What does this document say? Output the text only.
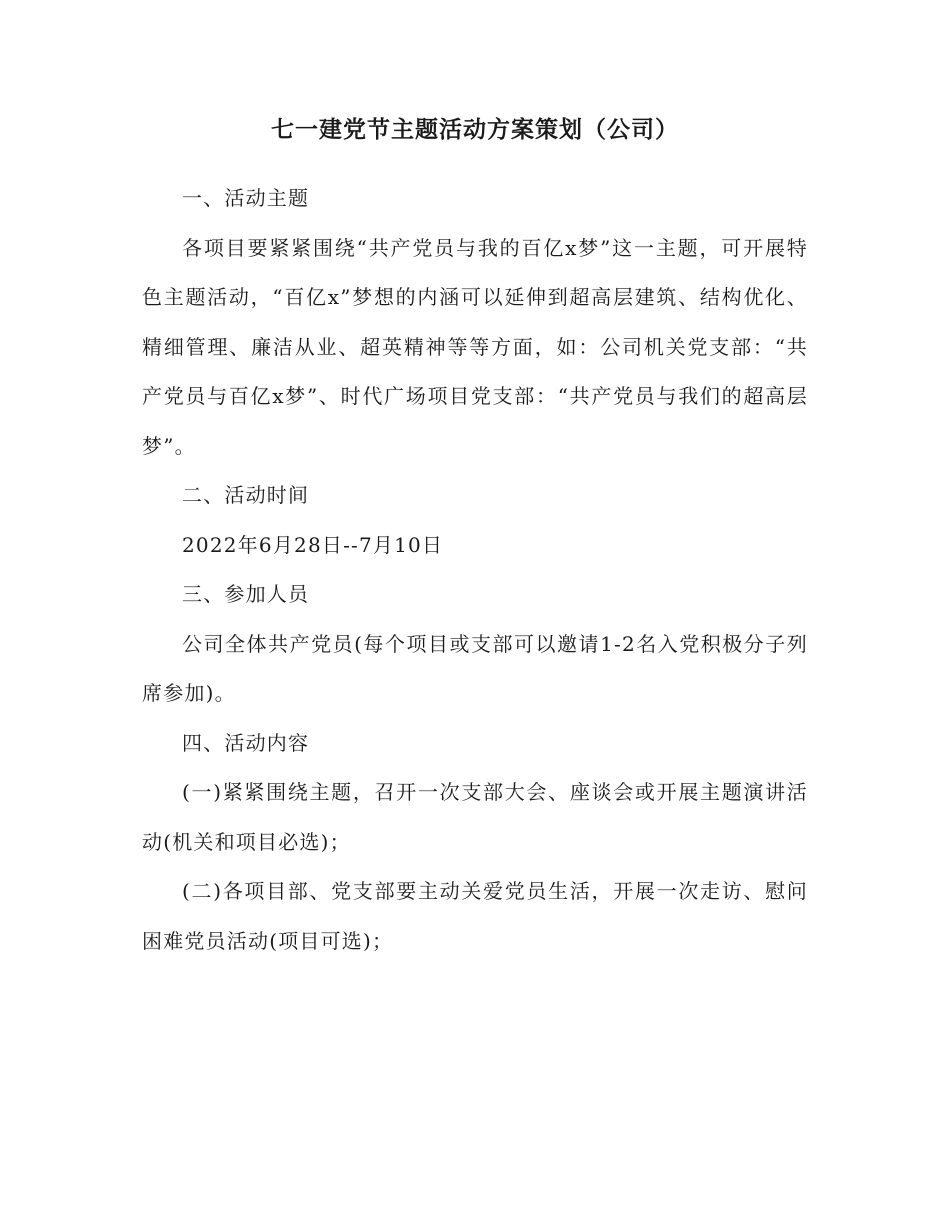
七一建党节主题活动方案策划（公司）

一、活动主题

各项目要紧紧围绕“共产党员与我的百亿x梦”这一主题，可开展特色主题活动，“百亿x”梦想的内涵可以延伸到超高层建筑、结构优化、精细管理、廉洁从业、超英精神等等方面，如：公司机关党支部：“共产党员与百亿x梦”、时代广场项目党支部：“共产党员与我们的超高层梦”。

二、活动时间

2022年6月28日--7月10日

三、参加人员

公司全体共产党员(每个项目或支部可以邀请1-2名入党积极分子列席参加)。

四、活动内容

(一)紧紧围绕主题，召开一次支部大会、座谈会或开展主题演讲活动(机关和项目必选)；

(二)各项目部、党支部要主动关爱党员生活，开展一次走访、慰问困难党员活动(项目可选)；
